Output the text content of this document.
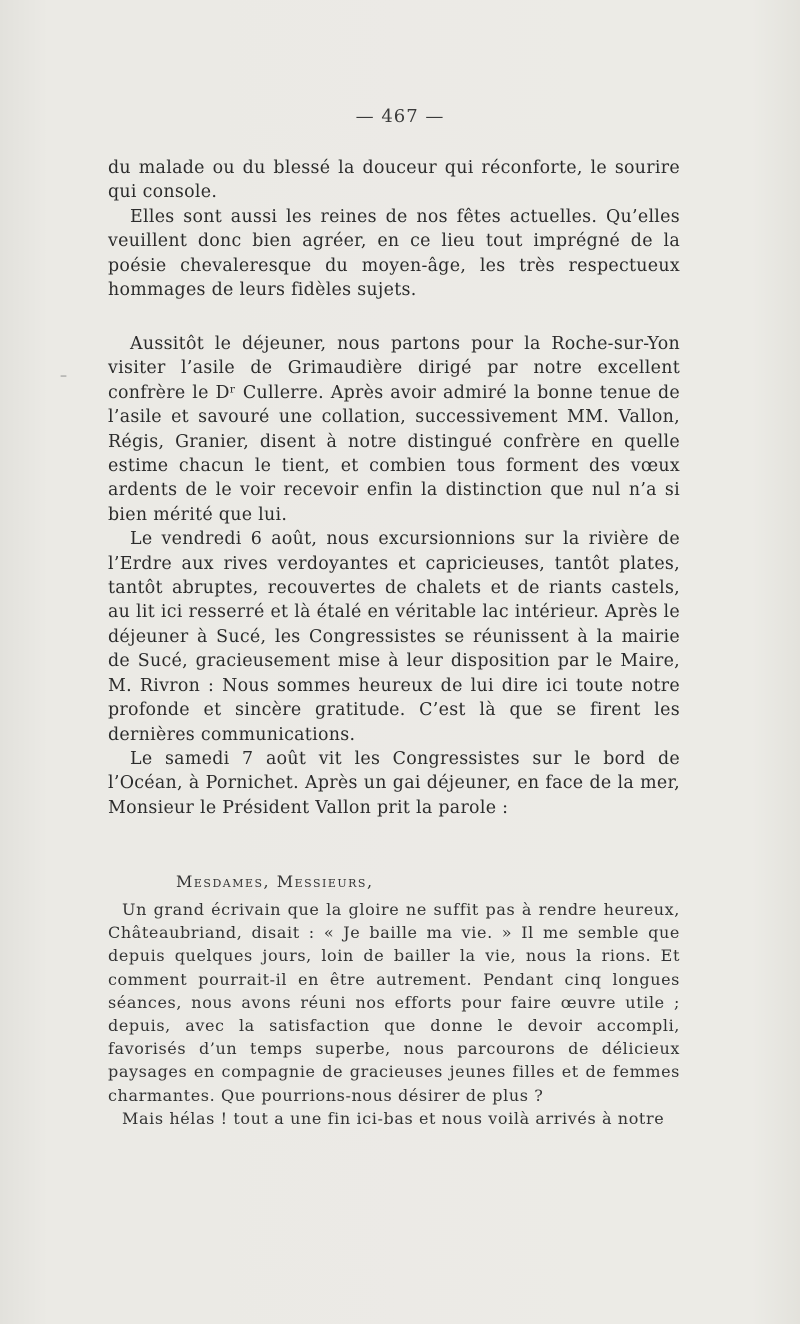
— 467 —

du malade ou du blessé la douceur qui réconforte, le sourire qui console.

Elles sont aussi les reines de nos fêtes actuelles. Qu’elles veuillent donc bien agréer, en ce lieu tout imprégné de la poésie chevaleresque du moyen-âge, les très respectueux hommages de leurs fidèles sujets.

–

Aussitôt le déjeuner, nous partons pour la Roche-sur-Yon visiter l’asile de Grimaudière dirigé par notre excellent confrère le Dʳ Cullerre. Après avoir admiré la bonne tenue de l’asile et savouré une collation, successivement MM. Vallon, Régis, Granier, disent à notre distingué confrère en quelle estime chacun le tient, et combien tous forment des vœux ardents de le voir recevoir enfin la distinction que nul n’a si bien mérité que lui.

Le vendredi 6 août, nous excursionnions sur la rivière de l’Erdre aux rives verdoyantes et capricieuses, tantôt plates, tantôt abruptes, recouvertes de chalets et de riants castels, au lit ici resserré et là étalé en véritable lac intérieur. Après le déjeuner à Sucé, les Congressistes se réunissent à la mairie de Sucé, gracieusement mise à leur disposition par le Maire, M. Rivron : Nous sommes heureux de lui dire ici toute notre profonde et sincère gratitude. C’est là que se firent les dernières communications.

Le samedi 7 août vit les Congressistes sur le bord de l’Océan, à Pornichet. Après un gai déjeuner, en face de la mer, Monsieur le Président Vallon prit la parole :

Mesdames, Messieurs,

Un grand écrivain que la gloire ne suffit pas à rendre heureux, Châteaubriand, disait : « Je baille ma vie. » Il me semble que depuis quelques jours, loin de bailler la vie, nous la rions. Et comment pourrait-il en être autrement. Pendant cinq longues séances, nous avons réuni nos efforts pour faire œuvre utile ; depuis, avec la satisfaction que donne le devoir accompli, favorisés d’un temps superbe, nous parcourons de délicieux paysages en compagnie de gracieuses jeunes filles et de femmes charmantes. Que pourrions-nous désirer de plus ?

Mais hélas ! tout a une fin ici-bas et nous voilà arrivés à notre
